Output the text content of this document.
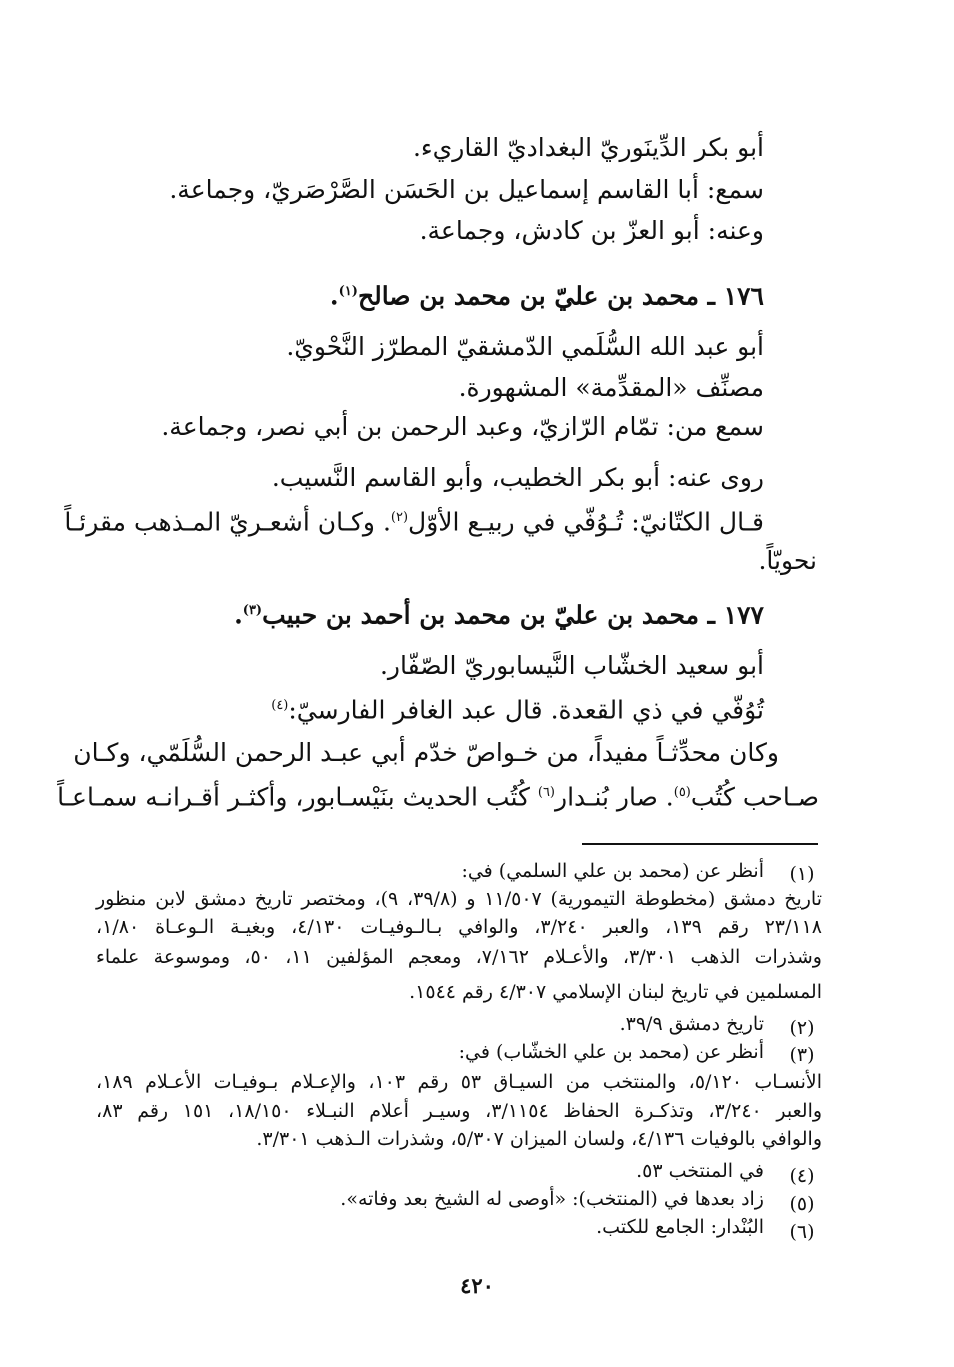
أبو بكر الدِّينَوريّ البغداديّ القاريء.
سمع: أبا القاسم إسماعيل بن الحَسَن الصَّرْصَريّ، وجماعة.
وعنه: أبو العزّ بن كادش، وجماعة.
١٧٦ ـ محمد بن عليّ بن محمد بن صالح$^{(١)}$.
أبو عبد الله السُّلَمي الدّمشقيّ المطرّز النَّحْويّ.
مصنِّف «المقدِّمة» المشهورة.
سمع من: تمّام الرّازيّ، وعبد الرحمن بن أبي نصر، وجماعة.
روى عنه: أبو بكر الخطيب، وأبو القاسم النَّسيب.
قـال الكتّانيّ: تُـوُفّي في ربيـع الأوّل$^{(٢)}$. وكـان أشعـريّ المـذهب مقرئـاً
نحويّاً.
١٧٧ ـ محمد بن عليّ بن محمد بن أحمد بن حبيب$^{(٣)}$.
أبو سعيد الخشّاب النَّيسابوريّ الصّفّار.
تُوُفّي في ذي القعدة. قال عبد الغافر الفارسيّ:$^{(٤)}$
وكان محدِّثـاً مفيداً، من خـواصّ خدّم أبي عبـد الرحمن السُّلَمّي، وكـان
صـاحب كُتُب$^{(٥)}$. صار بُنـدار$^{(٦)}$ كُتُب الحديث بنَيْسـابور، وأكثـر أقـرانـه سمـاعـاً
(١)
أنظر عن (محمد بن علي السلمي) في:
تاريخ دمشق (مخطوطة التيمورية) ١١/٥٠٧ و (٣٩/٨، ٩)، ومختصر تاريخ دمشق لابن منظور
٢٣/١١٨ رقم ١٣٩، والعبر ٣/٢٤٠، والوافي بـالـوفيـات ٤/١٣٠، وبغيـة الـوعـاة ١/٨٠،
وشذرات الذهب ٣/٣٠١، والأعـلام ٧/١٦٢، ومعجم المؤلفين ١١، ٥٠، وموسوعة علماء
المسلمين في تاريخ لبنان الإسلامي ٤/٣٠٧ رقم ١٥٤٤.
(٢)
تاريخ دمشق ٣٩/٩.
(٣)
أنظر عن (محمد بن علي الخشّاب) في:
الأنسـاب ٥/١٢٠، والمنتخب من السيـاق ٥٣ رقم ١٠٣، والإعـلام بـوفيـات الأعـلام ١٨٩،
والعبر ٣/٢٤٠، وتذكـرة الحفاظ ٣/١١٥٤، وسيـر أعلام النبـلاء ١٨/١٥٠، ١٥١ رقم ٨٣،
والوافي بالوفيات ٤/١٣٦، ولسان الميزان ٥/٣٠٧، وشذرات الـذهب ٣/٣٠١.
(٤)
في المنتخب ٥٣.
(٥)
زاد بعدها في (المنتخب): «أوصى له الشيخ بعد وفاته».
(٦)
البُنْدار: الجامع للكتب.
٤٢٠
